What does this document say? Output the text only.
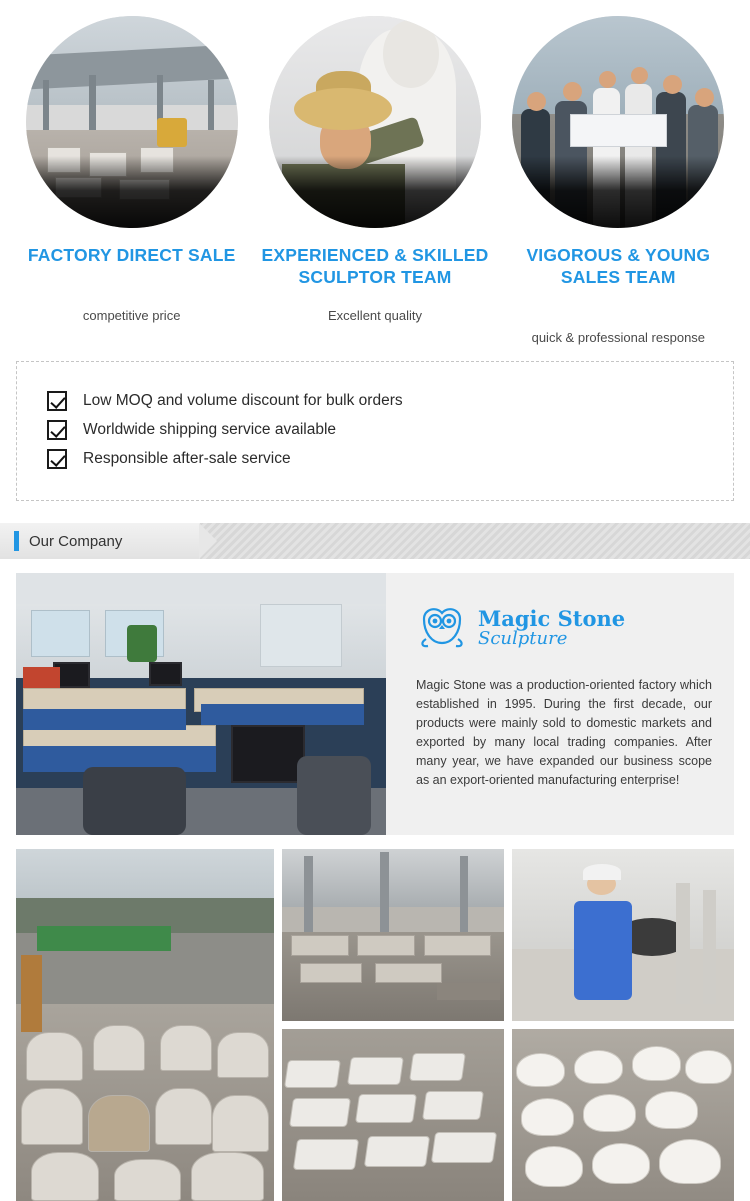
FACTORY DIRECT SALE
competitive price
EXPERIENCED & SKILLED SCULPTOR TEAM
Excellent quality
VIGOROUS & YOUNG SALES TEAM
quick & professional response
Low MOQ and volume discount for bulk orders
Worldwide shipping service available
Responsible after-sale service
Our Company
Magic Stone
Sculpture
Magic Stone was a production-oriented factory which established in 1995. During the first decade, our products were mainly sold to domestic markets and exported by many local trading companies. After many year, we have expanded our business scope as an export-oriented manufacturing enterprise!
